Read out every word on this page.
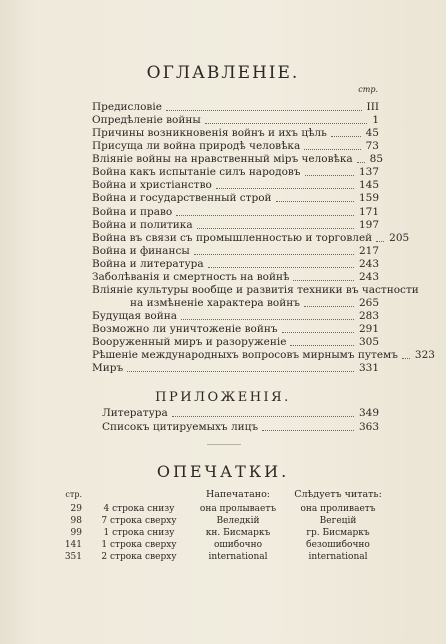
ОГЛАВЛЕНІЕ.
стр.
Предисловіе	III
Опредѣленіе войны	1
Причины возникновенія войнъ и ихъ цѣль	45
Присуща ли война природѣ человѣка	73
Вліяніе войны на нравственный міръ человѣка 85
Война какъ испытаніе силъ народовъ	137
Война и христіанство	145
Война и государственный строй	159
Война и право	171
Война и политика	197
Война въ связи съ промышленностью и торговлей 205
Война и финансы	217
Война и литература	243
Заболѣванія и смертность на войнѣ	243
Вліяніе культуры вообще и развитія техники въ частности
на измѣненіе характера войнъ	265
Будущая война	283
Возможно ли уничтоженіе войнъ	291
Вооруженный миръ и разоруженіе	305
Рѣшеніе международныхъ вопросовъ мирнымъ путемъ 323
Миръ	331
ПРИЛОЖЕНІЯ.
Литература	349
Списокъ цитируемыхъ лицъ	363
ОПЕЧАТКИ.
стр.	Напечатано:	Слѣдуетъ читать:
29	4 строка снизу	она пролываетъ	она проливаетъ
98	7 строка сверху	Веледкій	Вегецій
99	1 строка снизу	кн. Бисмаркъ	гр. Бисмаркъ
141	1 строка сверху	ошибочно	безошибочно
351	2 строка сверху	internatіonal	international
